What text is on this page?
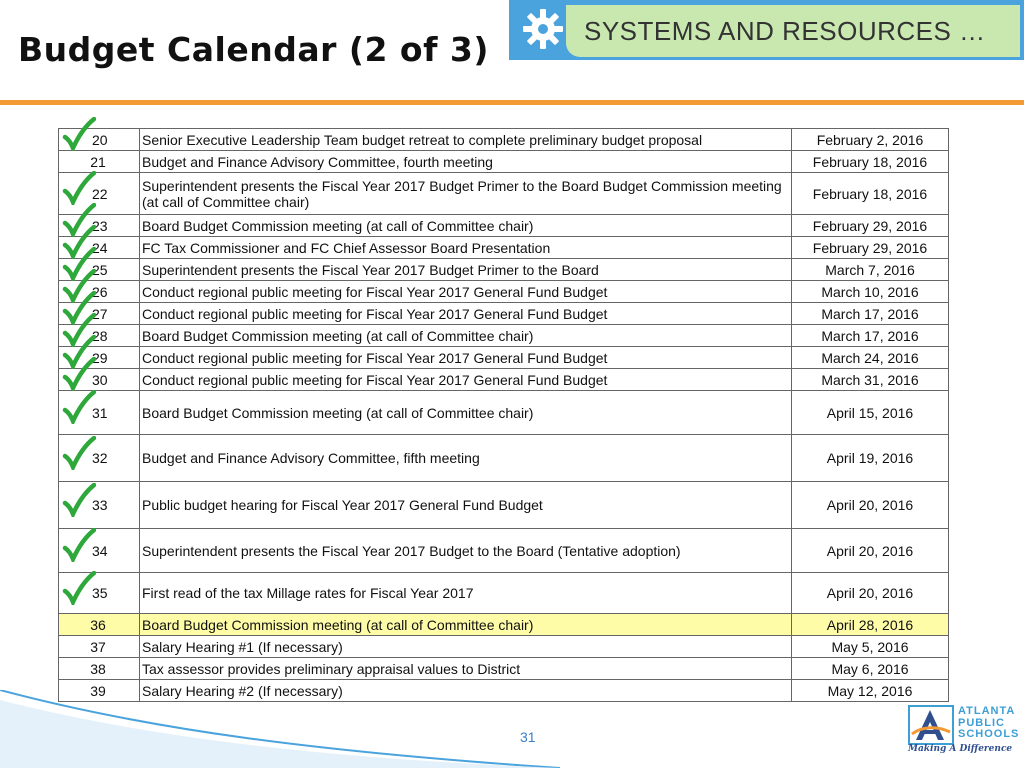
Budget Calendar (2 of 3)	SYSTEMS AND RESOURCES …
20	Senior Executive Leadership Team budget retreat to complete preliminary budget proposal	February 2, 2016
21	Budget and Finance Advisory Committee, fourth meeting	February 18, 2016
22	Superintendent presents the Fiscal Year 2017 Budget Primer to the Board Budget Commission meeting (at call of Committee chair)	February 18, 2016
23	Board Budget Commission meeting (at call of Committee chair)	February 29, 2016
24	FC Tax Commissioner and FC Chief Assessor Board Presentation	February 29, 2016
25	Superintendent presents the Fiscal Year 2017 Budget Primer to the Board	March 7, 2016
26	Conduct regional public meeting for Fiscal Year 2017 General Fund Budget	March 10, 2016
27	Conduct regional public meeting for Fiscal Year 2017 General Fund Budget	March 17, 2016
28	Board Budget Commission meeting (at call of Committee chair)	March 17, 2016
29	Conduct regional public meeting for Fiscal Year 2017 General Fund Budget	March 24, 2016
30	Conduct regional public meeting for Fiscal Year 2017 General Fund Budget	March 31, 2016
31	Board Budget Commission meeting (at call of Committee chair)	April 15, 2016
32	Budget and Finance Advisory Committee, fifth meeting	April 19, 2016
33	Public budget hearing for Fiscal Year 2017 General Fund Budget	April 20, 2016
34	Superintendent presents the Fiscal Year 2017 Budget to the Board (Tentative adoption)	April 20, 2016
35	First read of the tax Millage rates for Fiscal Year 2017	April 20, 2016
36	Board Budget Commission meeting (at call of Committee chair)	April 28, 2016
37	Salary Hearing #1 (If necessary)	May 5, 2016
38	Tax assessor provides preliminary appraisal values to District	May 6, 2016
39	Salary Hearing #2 (If necessary)	May 12, 2016
31
ATLANTA
PUBLIC
SCHOOLS
Making A Difference
